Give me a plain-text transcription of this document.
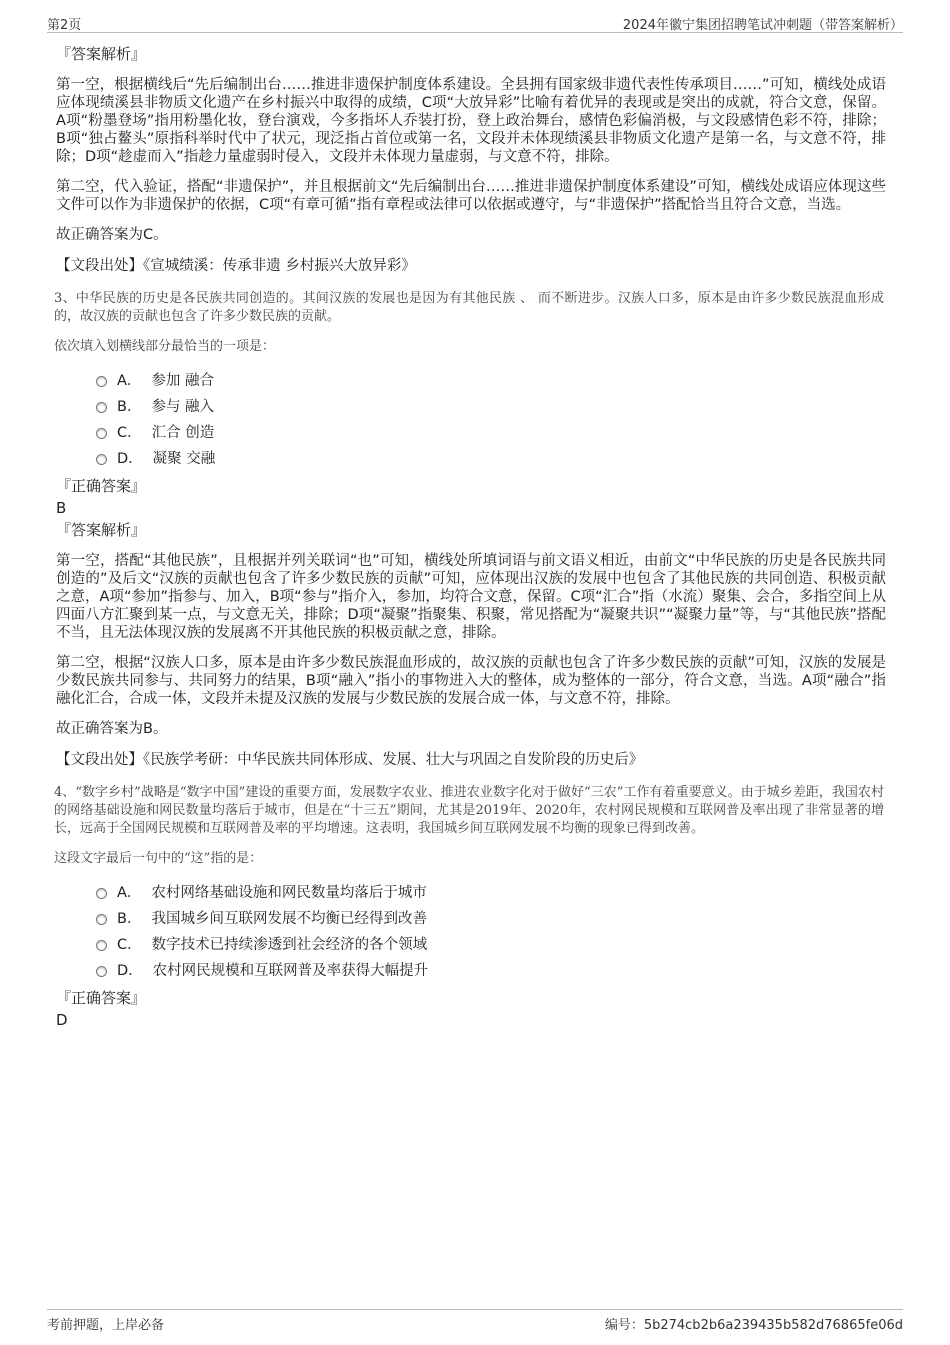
第2页	2024年徽宁集团招聘笔试冲刺题（带答案解析）
『答案解析』

第一空，根据横线后“先后编制出台……推进非遗保护制度体系建设。全县拥有国家级非遗代表性传承项目……”可知，横线处成语应体现绩溪县非物质文化遗产在乡村振兴中取得的成绩，C项“大放异彩”比喻有着优异的表现或是突出的成就，符合文意，保留。A项“粉墨登场”指用粉墨化妆，登台演戏，今多指坏人乔装打扮，登上政治舞台，感情色彩偏消极，与文段感情色彩不符，排除；B项“独占鳌头”原指科举时代中了状元，现泛指占首位或第一名，文段并未体现绩溪县非物质文化遗产是第一名，与文意不符，排除；D项“趁虚而入”指趁力量虚弱时侵入，文段并未体现力量虚弱，与文意不符，排除。

第二空，代入验证，搭配“非遗保护”，并且根据前文“先后编制出台……推进非遗保护制度体系建设”可知，横线处成语应体现这些文件可以作为非遗保护的依据，C项“有章可循”指有章程或法律可以依据或遵守，与“非遗保护”搭配恰当且符合文意，当选。

故正确答案为C。

【文段出处】《宣城绩溪：传承非遗 乡村振兴大放异彩》

3、中华民族的历史是各民族共同创造的。其间汉族的发展也是因为有其他民族 、 而不断进步。汉族人口多，原本是由许多少数民族混血形成的，故汉族的贡献也包含了许多少数民族的贡献。

依次填入划横线部分最恰当的一项是：

A． 参加 融合
B． 参与 融入
C． 汇合 创造
D． 凝聚 交融
『正确答案』
B
『答案解析』

第一空，搭配“其他民族”，且根据并列关联词“也”可知，横线处所填词语与前文语义相近，由前文“中华民族的历史是各民族共同创造的”及后文“汉族的贡献也包含了许多少数民族的贡献”可知，应体现出汉族的发展中也包含了其他民族的共同创造、积极贡献之意，A项“参加”指参与、加入，B项“参与”指介入，参加，均符合文意，保留。C项“汇合”指（水流）聚集、会合，多指空间上从四面八方汇聚到某一点，与文意无关，排除；D项“凝聚”指聚集、积聚，常见搭配为“凝聚共识”“凝聚力量”等，与“其他民族”搭配不当，且无法体现汉族的发展离不开其他民族的积极贡献之意，排除。

第二空，根据“汉族人口多，原本是由许多少数民族混血形成的，故汉族的贡献也包含了许多少数民族的贡献”可知，汉族的发展是少数民族共同参与、共同努力的结果，B项“融入”指小的事物进入大的整体，成为整体的一部分，符合文意，当选。A项“融合”指融化汇合，合成一体，文段并未提及汉族的发展与少数民族的发展合成一体，与文意不符，排除。

故正确答案为B。

【文段出处】《民族学考研：中华民族共同体形成、发展、壮大与巩固之自发阶段的历史后》

4、“数字乡村”战略是“数字中国”建设的重要方面，发展数字农业、推进农业数字化对于做好“三农”工作有着重要意义。由于城乡差距，我国农村的网络基础设施和网民数量均落后于城市，但是在“十三五”期间，尤其是2019年、2020年，农村网民规模和互联网普及率出现了非常显著的增长，远高于全国网民规模和互联网普及率的平均增速。这表明，我国城乡间互联网发展不均衡的现象已得到改善。

这段文字最后一句中的“这”指的是：

A． 农村网络基础设施和网民数量均落后于城市
B． 我国城乡间互联网发展不均衡已经得到改善
C． 数字技术已持续渗透到社会经济的各个领域
D． 农村网民规模和互联网普及率获得大幅提升
『正确答案』
D
考前押题，上岸必备	编号：5b274cb2b6a239435b582d76865fe06d
